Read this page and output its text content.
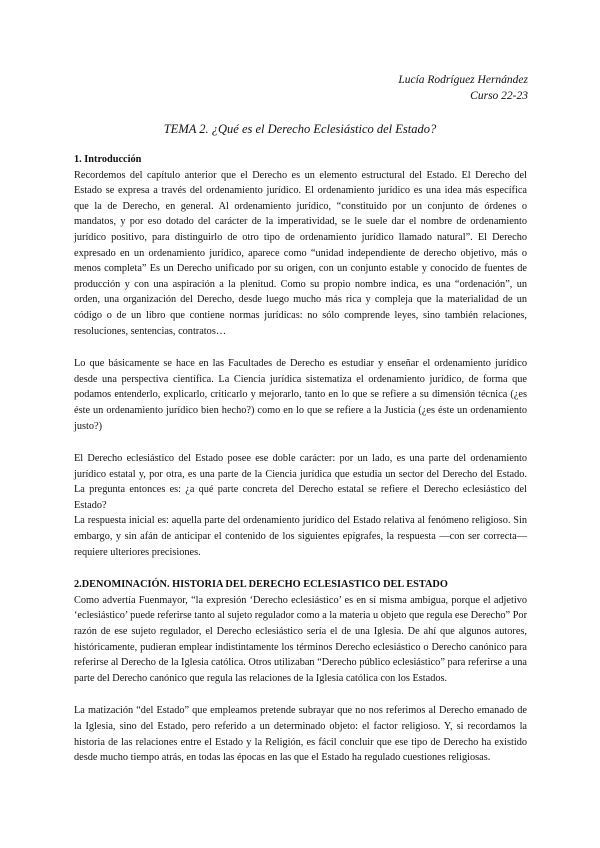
Lucía Rodríguez Hernández
Curso 22-23
TEMA 2. ¿Qué es el Derecho Eclesiástico del Estado?
1. Introducción

Recordemos del capítulo anterior que el Derecho es un elemento estructural del Estado. El Derecho del Estado se expresa a través del ordenamiento jurídico. El ordenamiento jurídico es una idea más específica que la de Derecho, en general. Al ordenamiento jurídico, “constituido por un conjunto de órdenes o mandatos, y por eso dotado del carácter de la imperatividad, se le suele dar el nombre de ordenamiento jurídico positivo, para distinguirlo de otro tipo de ordenamiento jurídico llamado natural”. El Derecho expresado en un ordenamiento jurídico, aparece como “unidad independiente de derecho objetivo, más o menos completa” Es un Derecho unificado por su origen, con un conjunto estable y conocido de fuentes de producción y con una aspiración a la plenitud. Como su propio nombre indica, es una “ordenación”, un orden, una organización del Derecho, desde luego mucho más rica y compleja que la materialidad de un código o de un libro que contiene normas jurídicas: no sólo comprende leyes, sino también relaciones, resoluciones, sentencias, contratos…

Lo que básicamente se hace en las Facultades de Derecho es estudiar y enseñar el ordenamiento jurídico desde una perspectiva científica. La Ciencia jurídica sistematiza el ordenamiento jurídico, de forma que podamos entenderlo, explicarlo, criticarlo y mejorarlo, tanto en lo que se refiere a su dimensión técnica (¿es éste un ordenamiento jurídico bien hecho?) como en lo que se refiere a la Justicia (¿es éste un ordenamiento justo?)

El Derecho eclesiástico del Estado posee ese doble carácter: por un lado, es una parte del ordenamiento jurídico estatal y, por otra, es una parte de la Ciencia jurídica que estudia un sector del Derecho del Estado. La pregunta entonces es: ¿a qué parte concreta del Derecho estatal se refiere el Derecho eclesiástico del Estado?

La respuesta inicial es: aquella parte del ordenamiento jurídico del Estado relativa al fenómeno religioso. Sin embargo, y sin afán de anticipar el contenido de los siguientes epígrafes, la respuesta —con ser correcta— requiere ulteriores precisiones.

2.DENOMINACIÓN. HISTORIA DEL DERECHO ECLESIASTICO DEL ESTADO

Como advertía Fuenmayor, “la expresión ‘Derecho eclesiástico’ es en sí misma ambigua, porque el adjetivo ‘eclesiástico’ puede referirse tanto al sujeto regulador como a la materia u objeto que regula ese Derecho” Por razón de ese sujeto regulador, el Derecho eclesiástico sería el de una Iglesia. De ahí que algunos autores, históricamente, pudieran emplear indistintamente los términos Derecho eclesiástico o Derecho canónico para referirse al Derecho de la Iglesia católica. Otros utilizaban “Derecho público eclesiástico” para referirse a una parte del Derecho canónico que regula las relaciones de la Iglesia católica con los Estados.

La matización “del Estado” que empleamos pretende subrayar que no nos referimos al Derecho emanado de la Iglesia, sino del Estado, pero referido a un determinado objeto: el factor religioso. Y, si recordamos la historia de las relaciones entre el Estado y la Religión, es fácil concluir que ese tipo de Derecho ha existido desde mucho tiempo atrás, en todas las épocas en las que el Estado ha regulado cuestiones religiosas.
